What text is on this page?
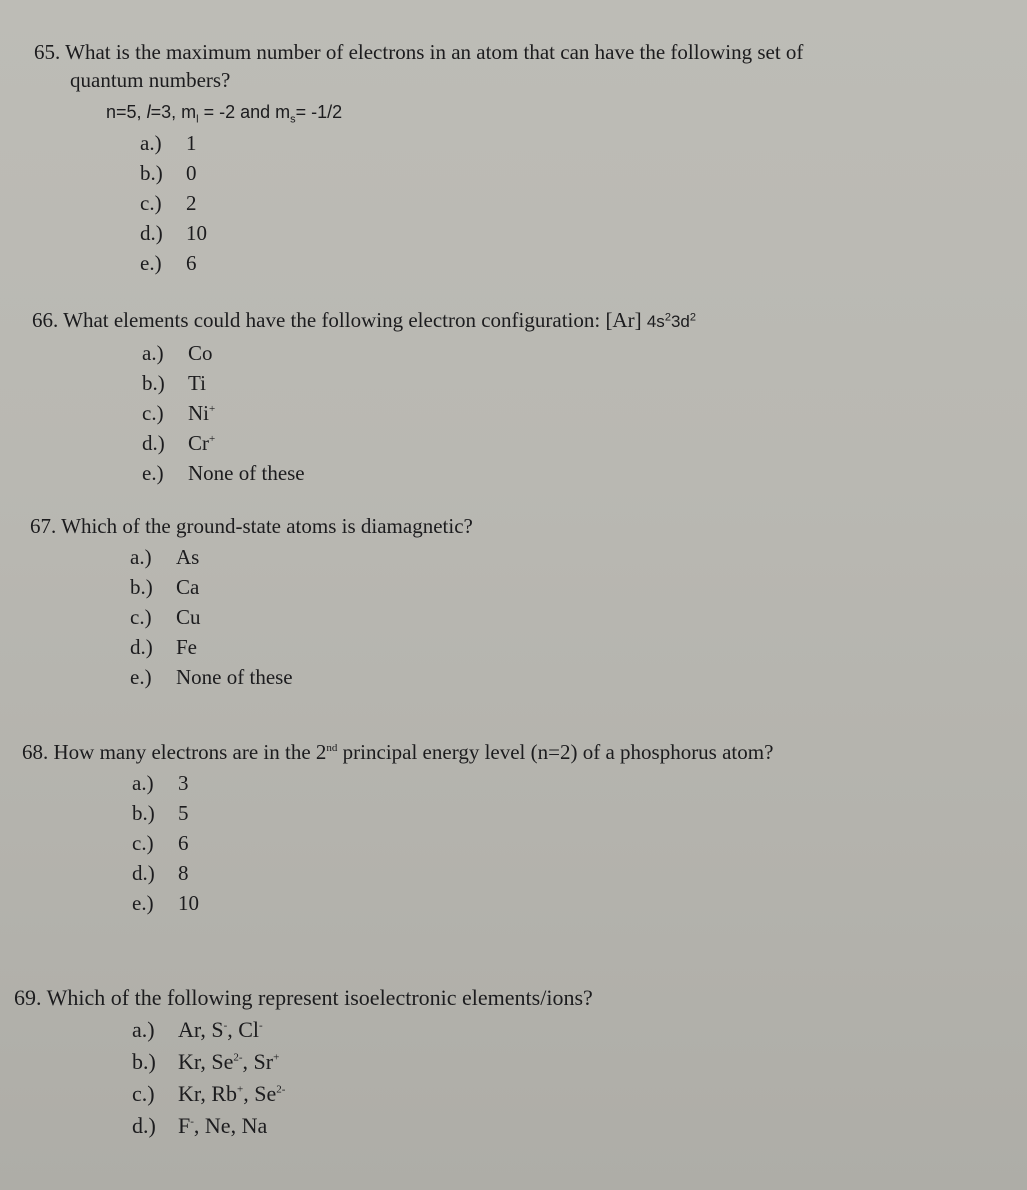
65. What is the maximum number of electrons in an atom that can have the following set of
quantum numbers?
n=5, l=3, $m_l = -2$ and $m_s= -1/2$
a.) 1
b.) 0
c.) 2
d.) 10
e.) 6
66. What elements could have the following electron configuration: [Ar] $4s^23d^2$
a.) Co
b.) Ti
c.) Ni+
d.) Cr+
e.) None of these
67. Which of the ground-state atoms is diamagnetic?
a.) As
b.) Ca
c.) Cu
d.) Fe
e.) None of these
68. How many electrons are in the 2nd principal energy level (n=2) of a phosphorus atom?
a.) 3
b.) 5
c.) 6
d.) 8
e.) 10
69. Which of the following represent isoelectronic elements/ions?
a.) Ar, S-, Cl-
b.) Kr, $Se^{2-}$, Sr+
c.) Kr, Rb+, $Se^{2-}$
d.) F-, Ne, Na
